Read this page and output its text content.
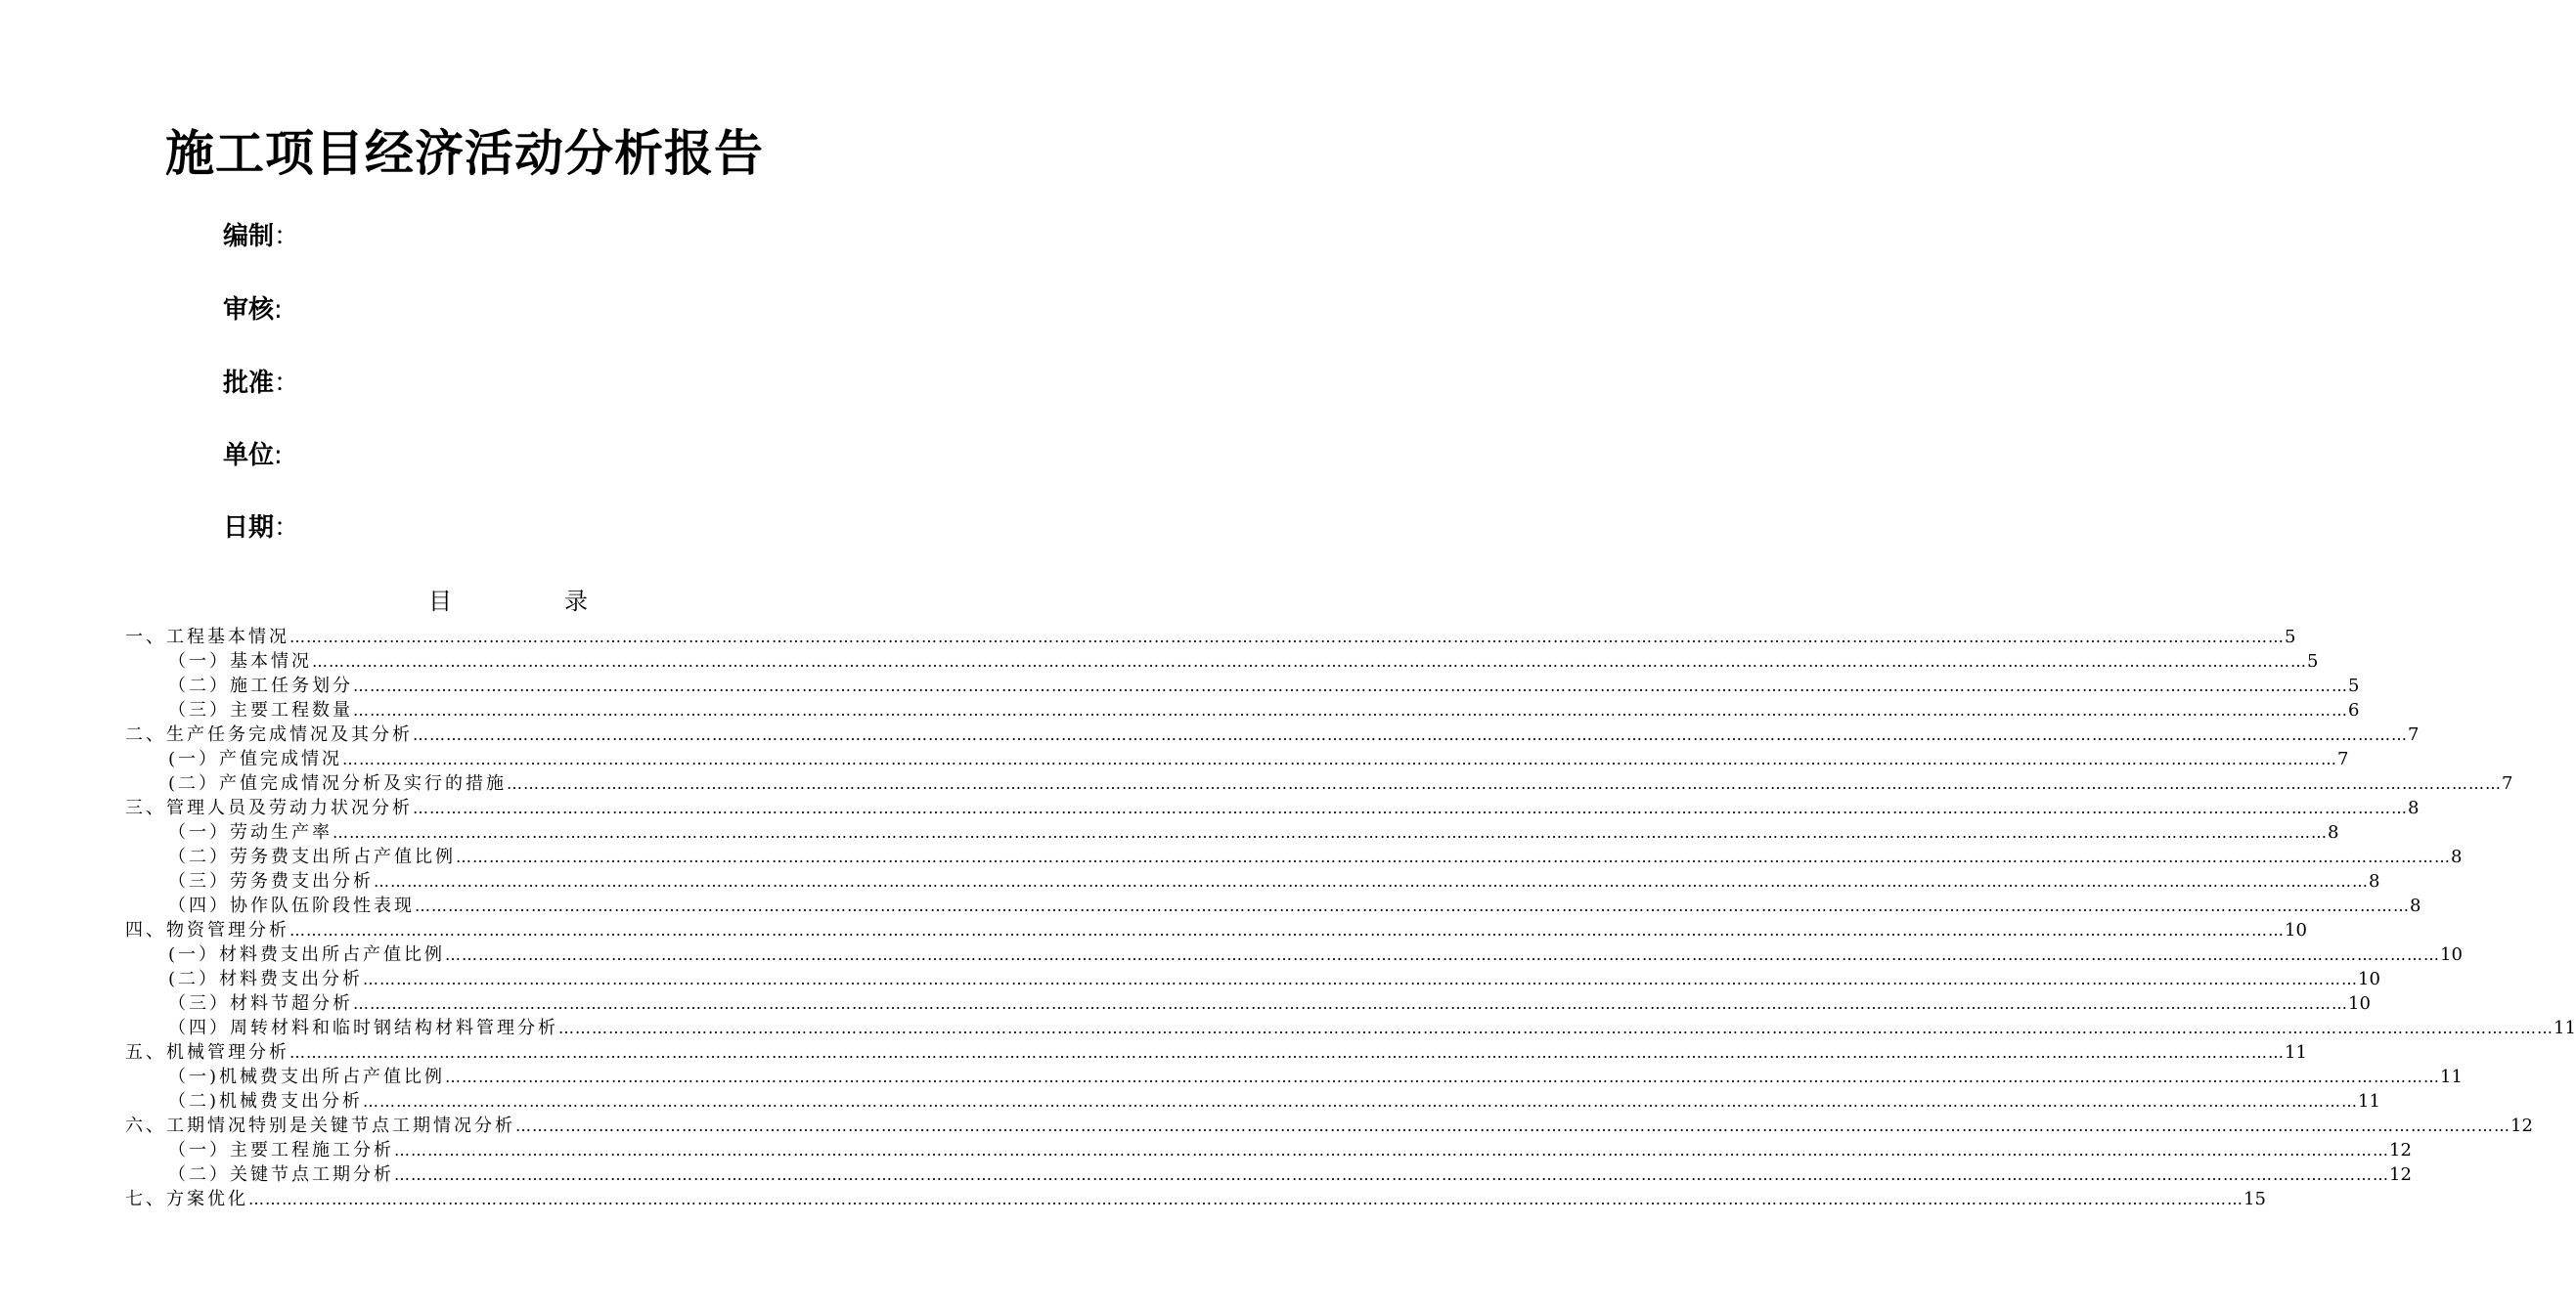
施工项目经济活动分析报告
编制：
审核:
批准：
单位:
日期：
目	录
一、工程基本情况 ……………………………………………………………………………………………………………………………………………………………………………………………………………………………………………………………………………………………………………………………… 5
（一）基本情况 ……………………………………………………………………………………………………………………………………………………………………………………………………………………………………………………………………………………………………………………………… 5
（二）施工任务划分 ……………………………………………………………………………………………………………………………………………………………………………………………………………………………………………………………………………………………………………………………… 5
（三）主要工程数量 ……………………………………………………………………………………………………………………………………………………………………………………………………………………………………………………………………………………………………………………………… 6
二、生产任务完成情况及其分析 ……………………………………………………………………………………………………………………………………………………………………………………………………………………………………………………………………………………………………………………………… 7
(一）产值完成情况 ……………………………………………………………………………………………………………………………………………………………………………………………………………………………………………………………………………………………………………………………… 7
(二）产值完成情况分析及实行的措施 ……………………………………………………………………………………………………………………………………………………………………………………………………………………………………………………………………………………………………………………………… 7
三、管理人员及劳动力状况分析 ……………………………………………………………………………………………………………………………………………………………………………………………………………………………………………………………………………………………………………………………… 8
（一）劳动生产率 ……………………………………………………………………………………………………………………………………………………………………………………………………………………………………………………………………………………………………………………………… 8
（二）劳务费支出所占产值比例 ……………………………………………………………………………………………………………………………………………………………………………………………………………………………………………………………………………………………………………………………… 8
（三）劳务费支出分析 ……………………………………………………………………………………………………………………………………………………………………………………………………………………………………………………………………………………………………………………………… 8
（四）协作队伍阶段性表现 ……………………………………………………………………………………………………………………………………………………………………………………………………………………………………………………………………………………………………………………………… 8
四、物资管理分析 ……………………………………………………………………………………………………………………………………………………………………………………………………………………………………………………………………………………………………………………………… 10
(一）材料费支出所占产值比例 ……………………………………………………………………………………………………………………………………………………………………………………………………………………………………………………………………………………………………………………………… 10
(二）材料费支出分析 ……………………………………………………………………………………………………………………………………………………………………………………………………………………………………………………………………………………………………………………………… 10
（三）材料节超分析 ……………………………………………………………………………………………………………………………………………………………………………………………………………………………………………………………………………………………………………………………… 10
（四）周转材料和临时钢结构材料管理分析 ……………………………………………………………………………………………………………………………………………………………………………………………………………………………………………………………………………………………………………………………… 11
五、机械管理分析 ……………………………………………………………………………………………………………………………………………………………………………………………………………………………………………………………………………………………………………………………… 11
（一)机械费支出所占产值比例 ……………………………………………………………………………………………………………………………………………………………………………………………………………………………………………………………………………………………………………………………… 11
（二)机械费支出分析 ……………………………………………………………………………………………………………………………………………………………………………………………………………………………………………………………………………………………………………………………… 11
六、工期情况特别是关键节点工期情况分析 ……………………………………………………………………………………………………………………………………………………………………………………………………………………………………………………………………………………………………………………………… 12
（一）主要工程施工分析 ……………………………………………………………………………………………………………………………………………………………………………………………………………………………………………………………………………………………………………………………… 12
（二）关键节点工期分析 ……………………………………………………………………………………………………………………………………………………………………………………………………………………………………………………………………………………………………………………………… 12
七、方案优化 ……………………………………………………………………………………………………………………………………………………………………………………………………………………………………………………………………………………………………………………………… 15
